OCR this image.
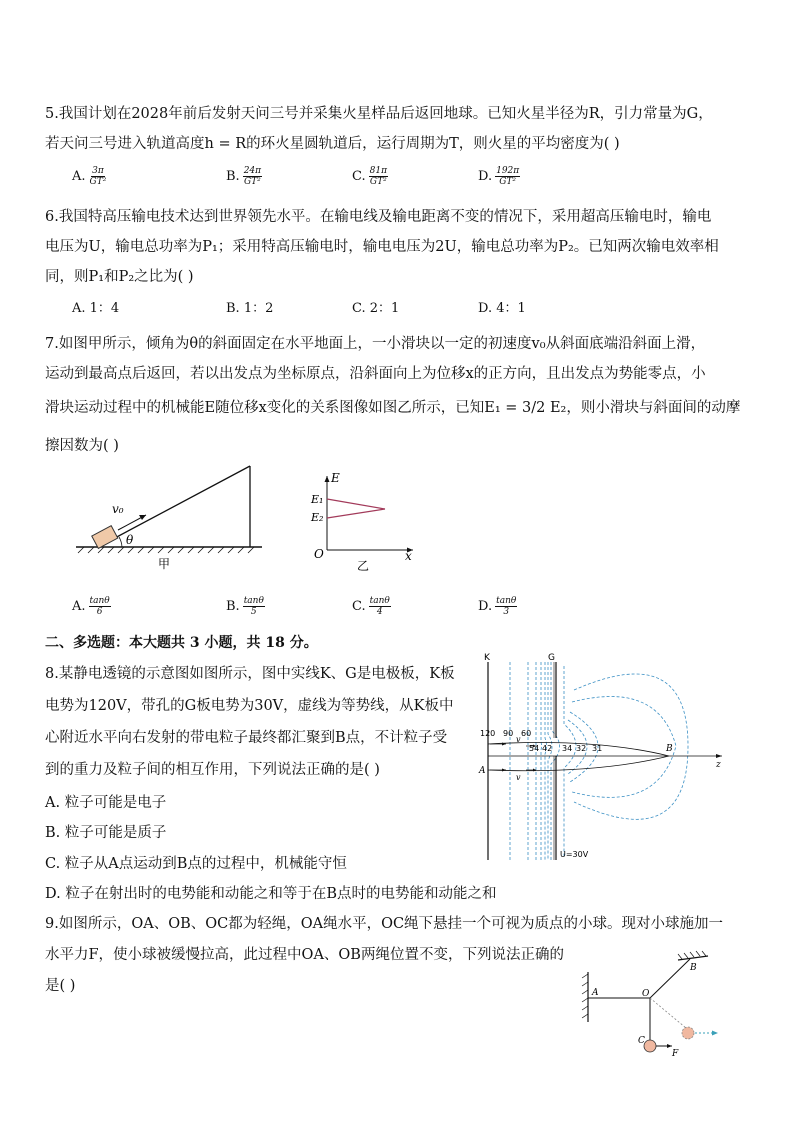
5.我国计划在2028年前后发射天问三号并采集火星样品后返回地球。已知火星半径为R，引力常量为G，
若天问三号进入轨道高度h = R的环火星圆轨道后，运行周期为T，则火星的平均密度为( )
A. $\frac{3\pi}{\text{GT²}}$	B. $\frac{24\pi}{\text{GT²}}$	C. $\frac{81\pi}{\text{GT²}}$	D. $\frac{192\pi}{\text{GT²}}$
6.我国特高压输电技术达到世界领先水平。在输电线及输电距离不变的情况下，采用超高压输电时，输电
电压为U，输电总功率为P₁；采用特高压输电时，输电电压为2U，输电总功率为P₂。已知两次输电效率相
同，则P₁和P₂之比为( )
A. 1：4	B. 1：2	C. 2：1	D. 4：1
7.如图甲所示，倾角为θ的斜面固定在水平地面上，一小滑块以一定的初速度v₀从斜面底端沿斜面上滑，
运动到最高点后返回，若以出发点为坐标原点，沿斜面向上为位移x的正方向，且出发点为势能零点，小
滑块运动过程中的机械能E随位移x变化的关系图像如图乙所示，已知E₁ = 3/2 E₂，则小滑块与斜面间的动摩
擦因数为( )
v₀
θ
甲
E
E₁
E₂
O	x
乙
A. $\frac{\tan\theta}{6}$	B. $\frac{\tan\theta}{5}$	C. $\frac{\tan\theta}{4}$	D. $\frac{\tan\theta}{3}$
二、多选题：本大题共 3 小题，共 18 分。
8.某静电透镜的示意图如图所示，图中实线K、G是电极板，K板
电势为120V，带孔的G板电势为30V，虚线为等势线，从K板中
心附近水平向右发射的带电粒子最终都汇聚到B点，不计粒子受
到的重力及粒子间的相互作用，下列说法正确的是( )
A. 粒子可能是电子
B. 粒子可能是质子
C. 粒子从A点运动到B点的过程中，机械能守恒
D. 粒子在射出时的电势能和动能之和等于在B点时的电势能和动能之和
K	G
120 90 60
54 42 34 32 31
v
v
A
B
z
U=30V
9.如图所示，OA、OB、OC都为轻绳，OA绳水平，OC绳下悬挂一个可视为质点的小球。现对小球施加一
水平力F，使小球被缓慢拉高，此过程中OA、OB两绳位置不变，下列说法正确的
是( )	A
B
O
C
F
